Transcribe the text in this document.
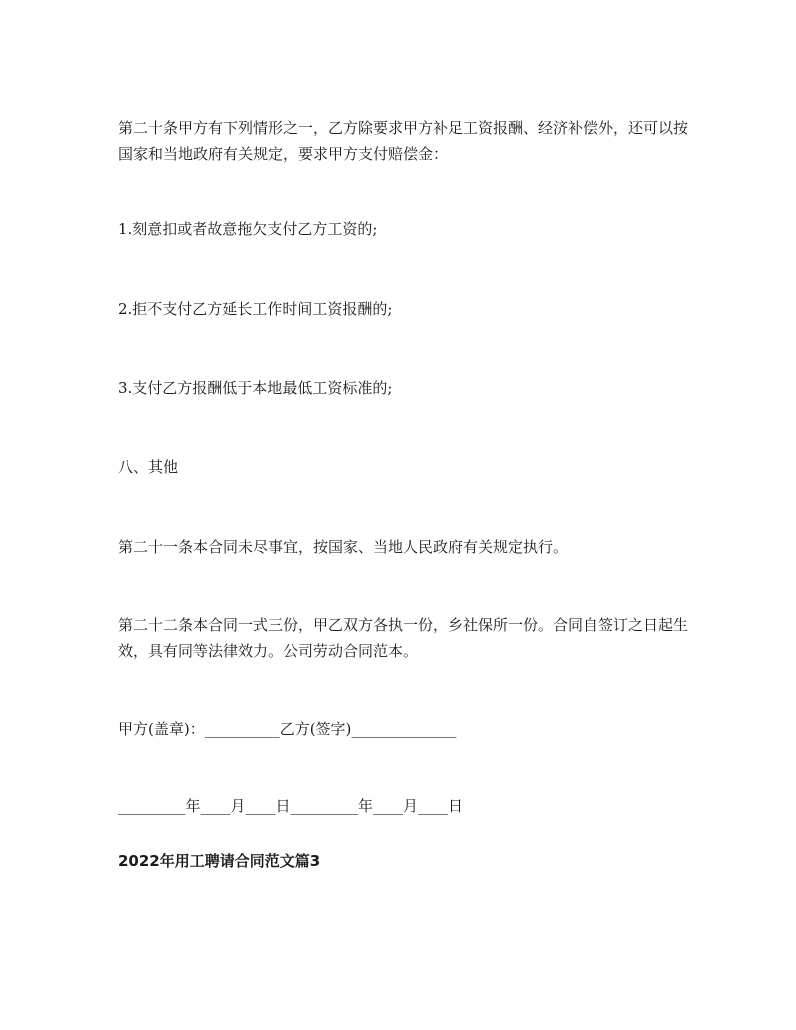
第二十条甲方有下列情形之一，乙方除要求甲方补足工资报酬、经济补偿外，还可以按国家和当地政府有关规定，要求甲方支付赔偿金：

1.刻意扣或者故意拖欠支付乙方工资的;

2.拒不支付乙方延长工作时间工资报酬的;

3.支付乙方报酬低于本地最低工资标准的;

八、其他

第二十一条本合同未尽事宜，按国家、当地人民政府有关规定执行。

第二十二条本合同一式三份，甲乙双方各执一份，乡社保所一份。合同自签订之日起生效，具有同等法律效力。公司劳动合同范本。

甲方(盖章)：__________乙方(签字)______________

_________年____月____日_________年____月____日

2022年用工聘请合同范文篇3
